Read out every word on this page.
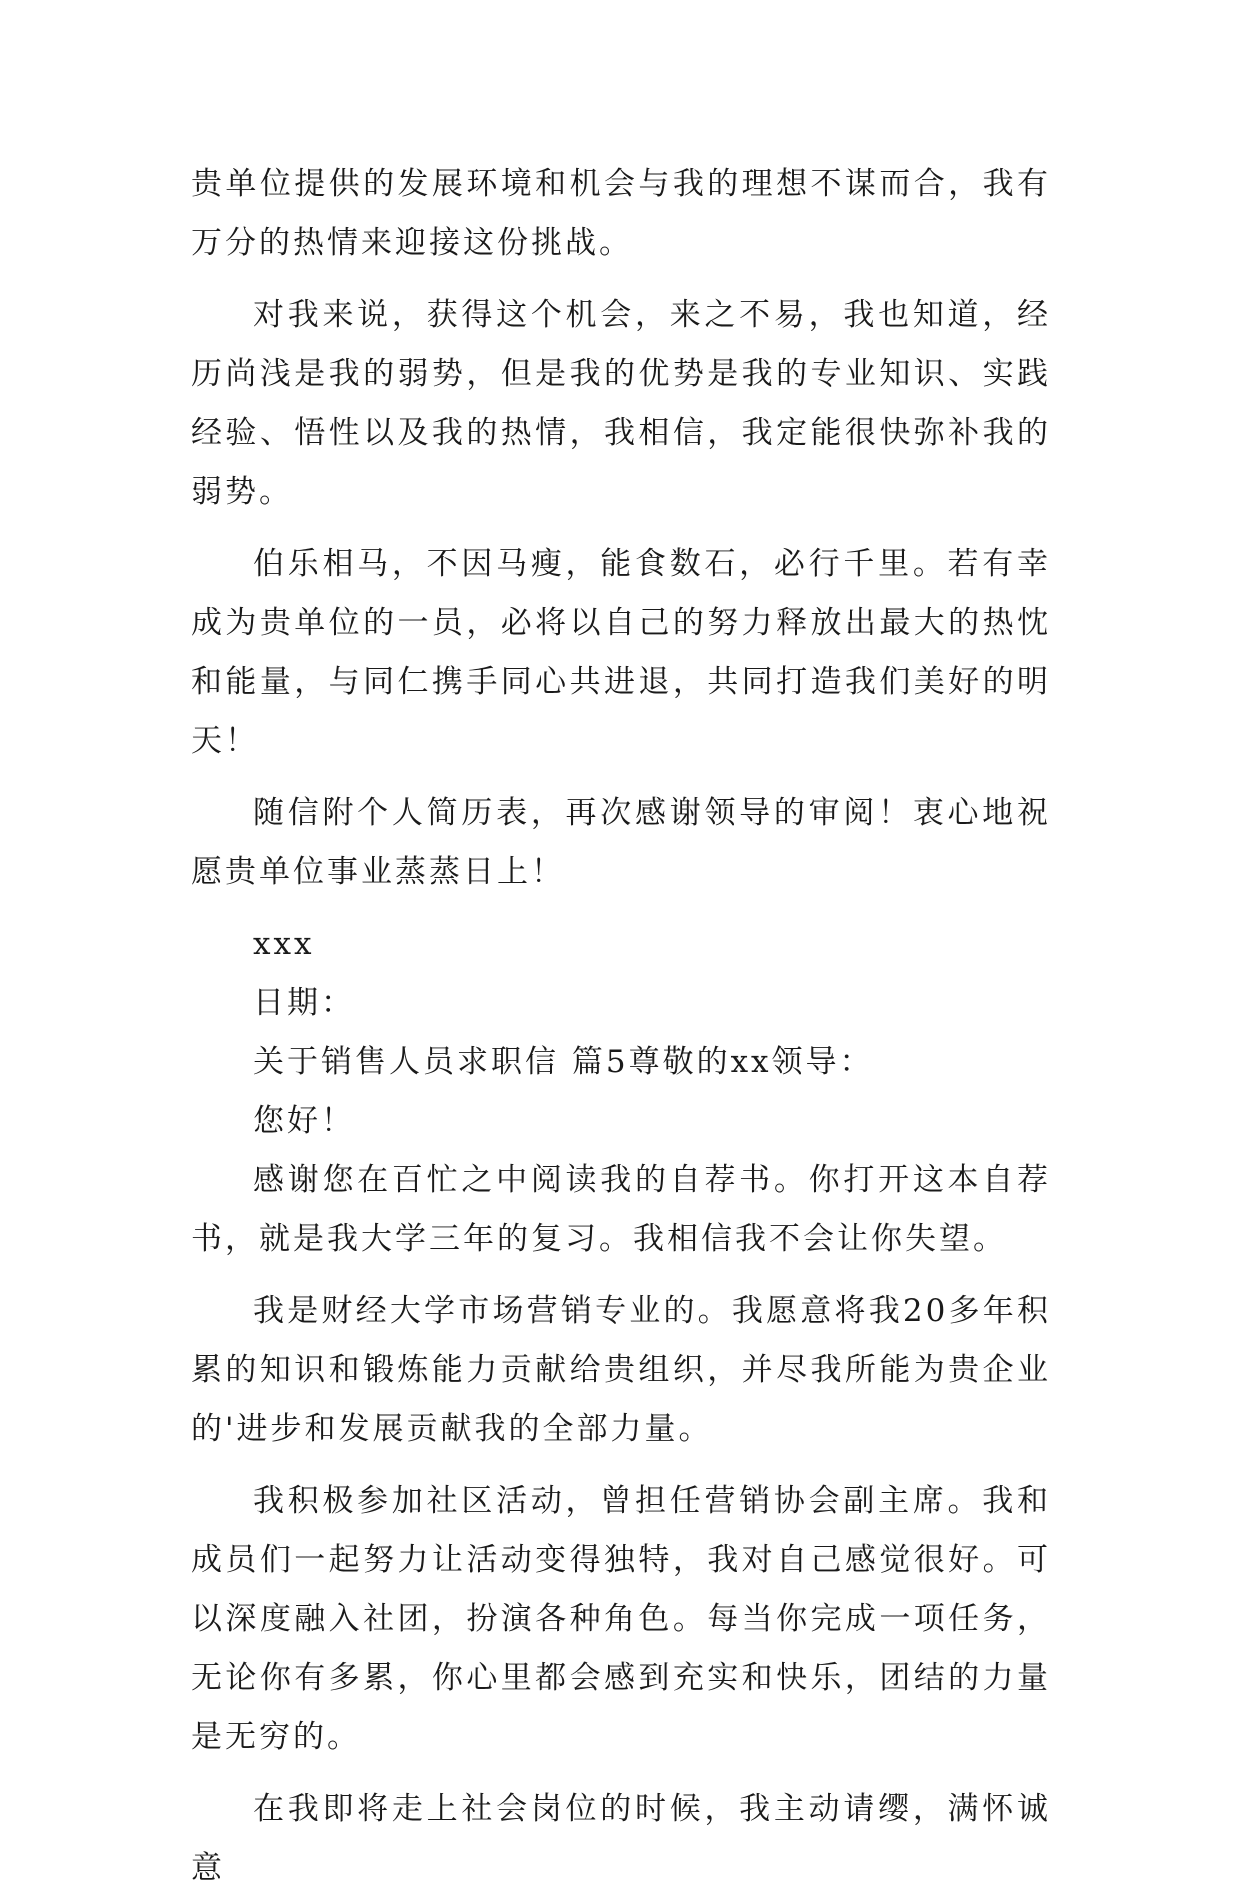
贵单位提供的发展环境和机会与我的理想不谋而合，我有万分的热情来迎接这份挑战。

对我来说，获得这个机会，来之不易，我也知道，经历尚浅是我的弱势，但是我的优势是我的专业知识、实践经验、悟性以及我的热情，我相信，我定能很快弥补我的弱势。

伯乐相马，不因马瘦，能食数石，必行千里。若有幸成为贵单位的一员，必将以自己的努力释放出最大的热忱和能量，与同仁携手同心共进退，共同打造我们美好的明天！

随信附个人简历表，再次感谢领导的审阅！衷心地祝愿贵单位事业蒸蒸日上！

xxx

日期：

关于销售人员求职信 篇5尊敬的xx领导：

您好！

感谢您在百忙之中阅读我的自荐书。你打开这本自荐书，就是我大学三年的复习。我相信我不会让你失望。

我是财经大学市场营销专业的。我愿意将我20多年积累的知识和锻炼能力贡献给贵组织，并尽我所能为贵企业的'进步和发展贡献我的全部力量。

我积极参加社区活动，曾担任营销协会副主席。我和成员们一起努力让活动变得独特，我对自己感觉很好。可以深度融入社团，扮演各种角色。每当你完成一项任务，无论你有多累，你心里都会感到充实和快乐，团结的力量是无穷的。

在我即将走上社会岗位的时候，我主动请缨，满怀诚意
